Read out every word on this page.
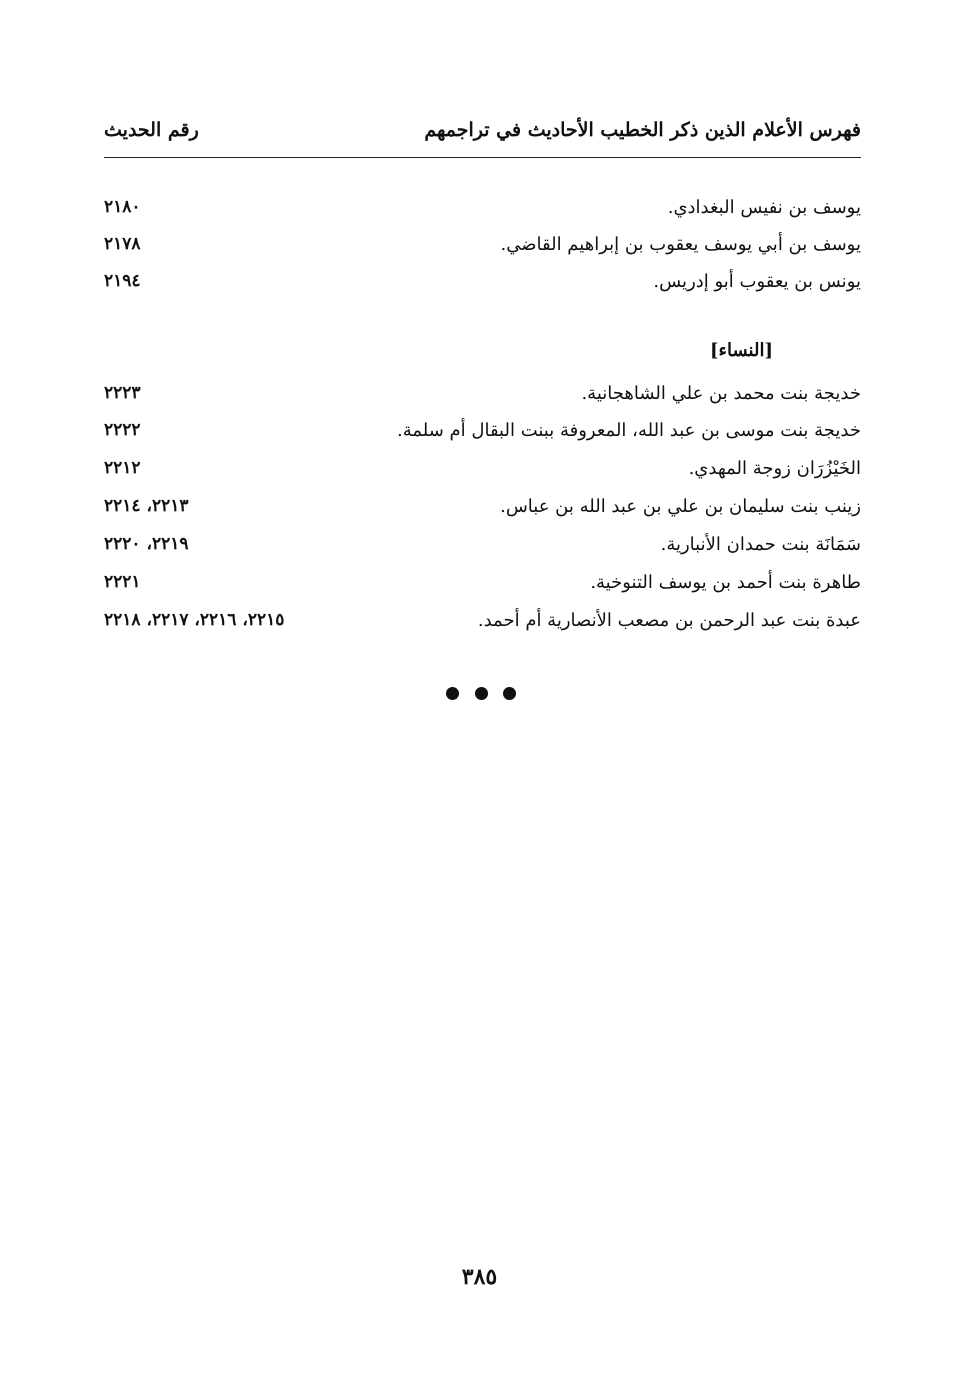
رقم الحديث	فهرس الأعلام الذين ذكر الخطيب الأحاديث في تراجمهم
٢١٨٠	يوسف بن نفيس البغدادي.
٢١٧٨	يوسف بن أبي يوسف يعقوب بن إبراهيم القاضي.
٢١٩٤	يونس بن يعقوب أبو إدريس.
[النساء]
٢٢٢٣	خديجة بنت محمد بن علي الشاهجانية.
٢٢٢٢	خديجة بنت موسى بن عبد الله، المعروفة ببنت البقال أم سلمة.
٢٢١٢	الخَيْزُرَان زوجة المهدي.
٢٢١٣، ٢٢١٤	زينب بنت سليمان بن علي بن عبد الله بن عباس.
٢٢١٩، ٢٢٢٠	سَمَانَة بنت حمدان الأنبارية.
٢٢٢١	طاهرة بنت أحمد بن يوسف التنوخية.
٢٢١٥، ٢٢١٦، ٢٢١٧، ٢٢١٨	عبدة بنت عبد الرحمن بن مصعب الأنصارية أم أحمد.
٣٨٥
